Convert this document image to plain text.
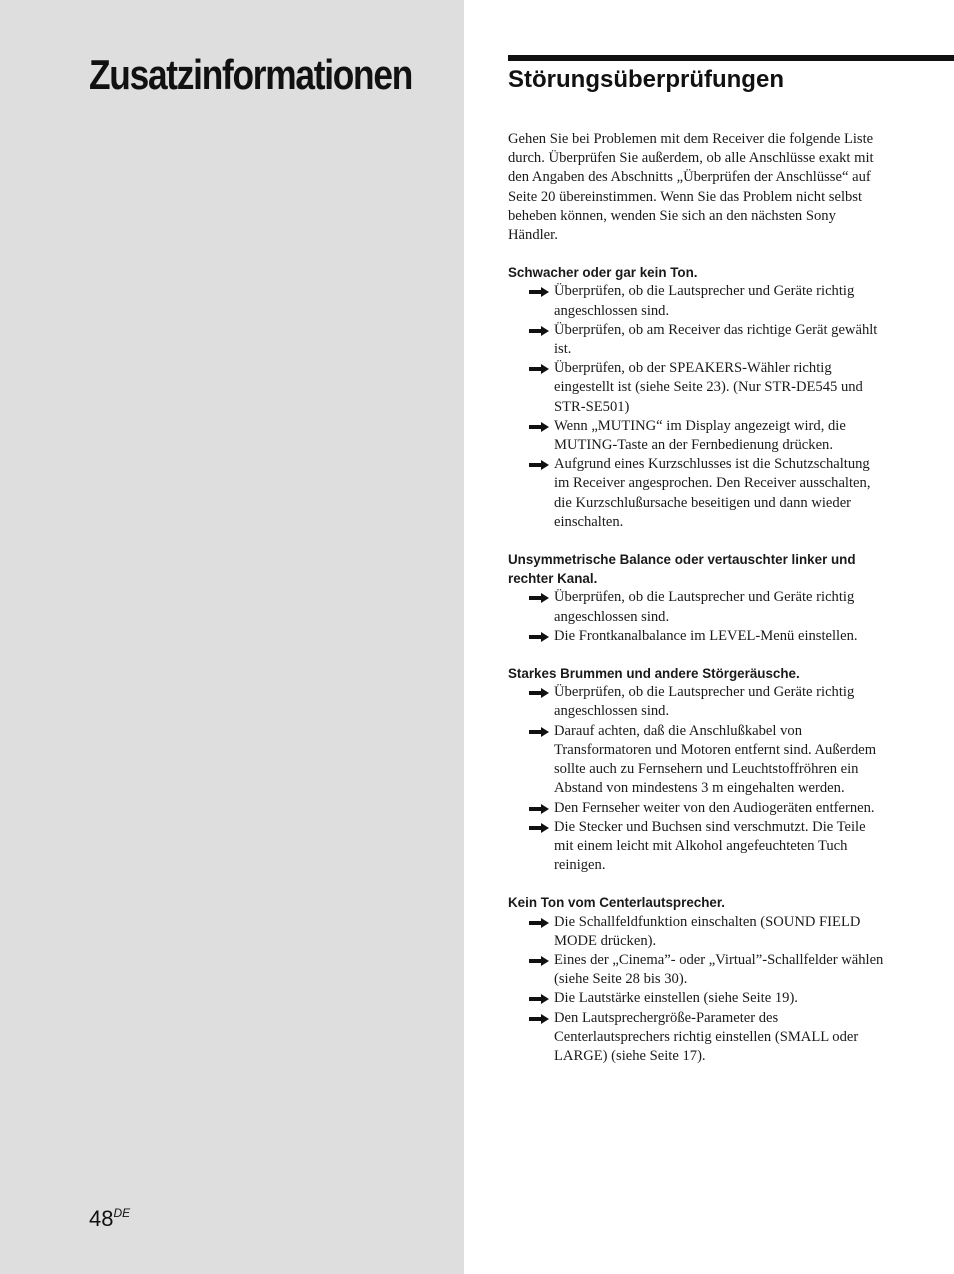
Zusatzinformationen
48DE
Störungsüberprüfungen

Gehen Sie bei Problemen mit dem Receiver die folgende Liste durch. Überprüfen Sie außerdem, ob alle Anschlüsse exakt mit den Angaben des Abschnitts „Überprüfen der Anschlüsse“ auf Seite 20 übereinstimmen. Wenn Sie das Problem nicht selbst beheben können, wenden Sie sich an den nächsten Sony Händler.

Schwacher oder gar kein Ton.

Überprüfen, ob die Lautsprecher und Geräte richtig angeschlossen sind.
Überprüfen, ob am Receiver das richtige Gerät gewählt ist.
Überprüfen, ob der SPEAKERS-Wähler richtig eingestellt ist (siehe Seite 23). (Nur STR-DE545 und STR-SE501)
Wenn „MUTING“ im Display angezeigt wird, die MUTING-Taste an der Fernbedienung drücken.
Aufgrund eines Kurzschlusses ist die Schutzschaltung im Receiver angesprochen. Den Receiver ausschalten, die Kurzschlußursache beseitigen und dann wieder einschalten.

Unsymmetrische Balance oder vertauschter linker und rechter Kanal.

Überprüfen, ob die Lautsprecher und Geräte richtig angeschlossen sind.
Die Frontkanalbalance im LEVEL-Menü einstellen.

Starkes Brummen und andere Störgeräusche.

Überprüfen, ob die Lautsprecher und Geräte richtig angeschlossen sind.
Darauf achten, daß die Anschlußkabel von Transformatoren und Motoren entfernt sind. Außerdem sollte auch zu Fernsehern und Leuchtstoffröhren ein Abstand von mindestens 3 m eingehalten werden.
Den Fernseher weiter von den Audiogeräten entfernen.
Die Stecker und Buchsen sind verschmutzt. Die Teile mit einem leicht mit Alkohol angefeuchteten Tuch reinigen.

Kein Ton vom Centerlautsprecher.

Die Schallfeldfunktion einschalten (SOUND FIELD MODE drücken).
Eines der „Cinema”- oder „Virtual”-Schallfelder wählen (siehe Seite 28 bis 30).
Die Lautstärke einstellen (siehe Seite 19).
Den Lautsprechergröße-Parameter des Centerlautsprechers richtig einstellen (SMALL oder LARGE) (siehe Seite 17).
